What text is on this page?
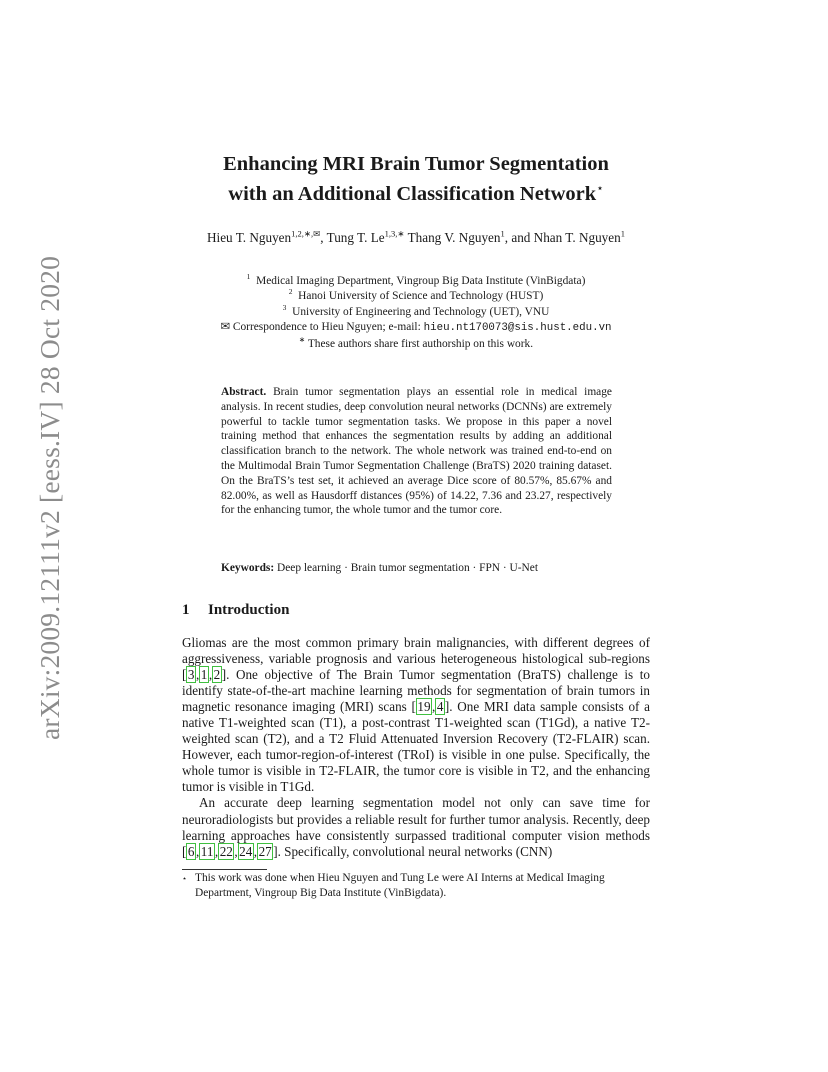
arXiv:2009.12111v2 [eess.IV] 28 Oct 2020
Enhancing MRI Brain Tumor Segmentation
with an Additional Classification Network⋆
Hieu T. Nguyen$^{1,2,∗,✉}$, Tung T. $Le^{1,3,∗}$ Thang V. Nguyen$^1$, and Nhan T. Nguyen$^1$
$^1$ Medical Imaging Department, Vingroup Big Data Institute (VinBigdata)
$^2$ Hanoi University of Science and Technology (HUST)
$^3$ University of Engineering and Technology (UET), VNU
✉ Correspondence to Hieu Nguyen; e-mail: hieu.nt170073@sis.hust.edu.vn
∗ These authors share first authorship on this work.
Abstract. Brain tumor segmentation plays an essential role in medical image analysis. In recent studies, deep convolution neural networks (DCNNs) are extremely powerful to tackle tumor segmentation tasks. We propose in this paper a novel training method that enhances the segmentation results by adding an additional classification branch to the network. The whole network was trained end-to-end on the Multimodal Brain Tumor Segmentation Challenge (BraTS) 2020 training dataset. On the BraTS’s test set, it achieved an average Dice score of 80.57%, 85.67% and 82.00%, as well as Hausdorff distances (95%) of 14.22, 7.36 and 23.27, respectively for the enhancing tumor, the whole tumor and the tumor core.
Keywords: Deep learning · Brain tumor segmentation · FPN · U-Net
1 Introduction

Gliomas are the most common primary brain malignancies, with different degrees of aggressiveness, variable prognosis and various heterogeneous histological sub-regions [ 3 , 1 , 2 ]. One objective of The Brain Tumor segmentation (BraTS) challenge is to identify state-of-the-art machine learning methods for segmentation of brain tumors in magnetic resonance imaging (MRI) scans [ 19 , 4 ]. One MRI data sample consists of a native T1-weighted scan (T1), a post-contrast T1-weighted scan (T1Gd), a native T2-weighted scan (T2), and a T2 Fluid Attenuated Inversion Recovery (T2-FLAIR) scan. However, each tumor-region-of-interest (TRoI) is visible in one pulse. Specifically, the whole tumor is visible in T2-FLAIR, the tumor core is visible in T2, and the enhancing tumor is visible in T1Gd.

An accurate deep learning segmentation model not only can save time for neuroradiologists but provides a reliable result for further tumor analysis. Recently, deep learning approaches have consistently surpassed traditional computer vision methods [ 6 , 11 , 22 , 24 , 27 ]. Specifically, convolutional neural networks (CNN)

⋆ This work was done when Hieu Nguyen and Tung Le were AI Interns at Medical Imaging Department, Vingroup Big Data Institute (VinBigdata).
